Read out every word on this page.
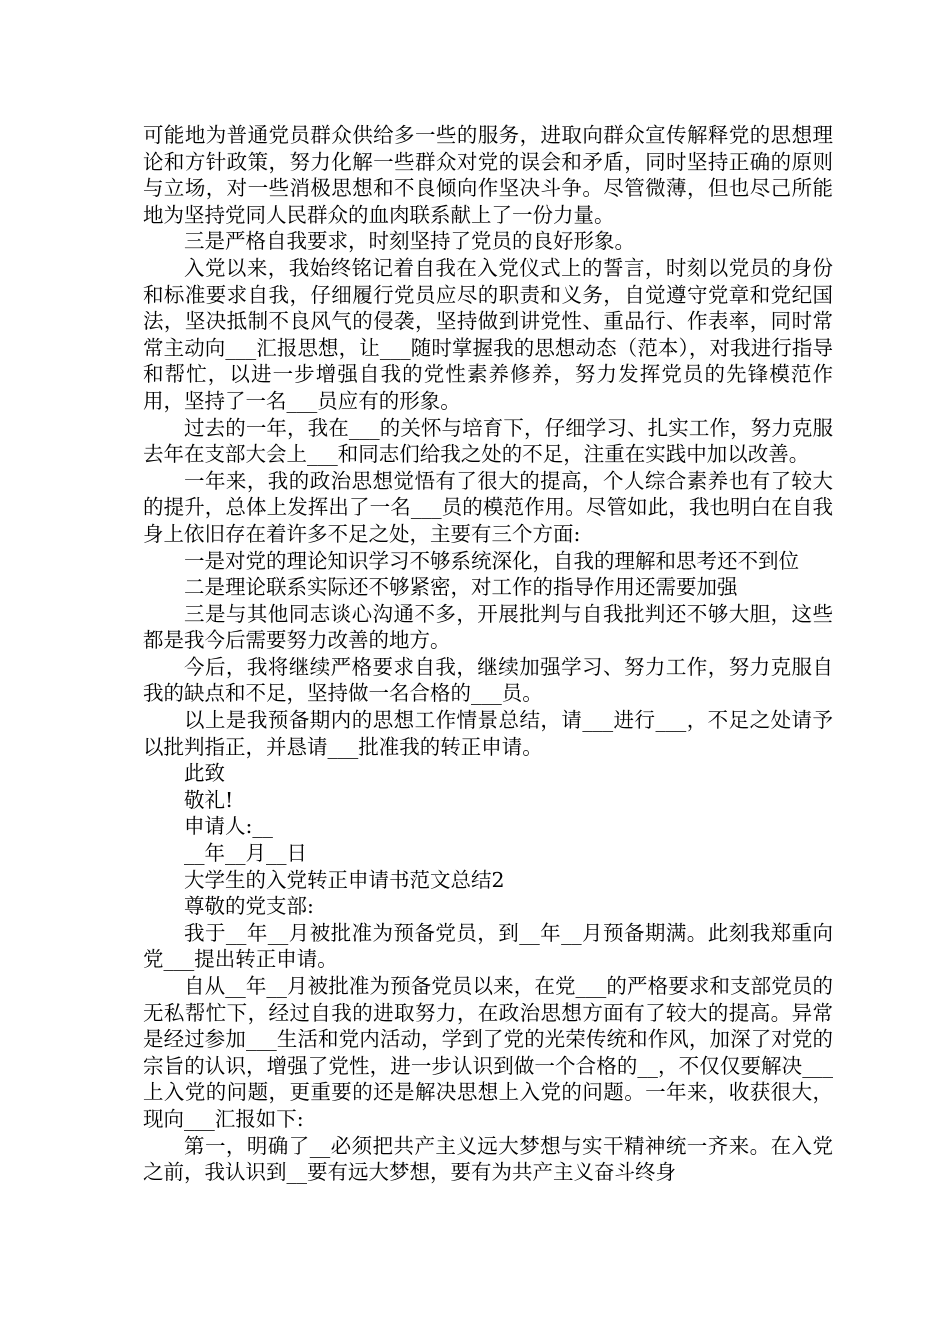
可能地为普通党员群众供给多一些的服务，进取向群众宣传解释党的思想理论和方针政策，努力化解一些群众对党的误会和矛盾，同时坚持正确的原则与立场，对一些消极思想和不良倾向作坚决斗争。尽管微薄，但也尽己所能地为坚持党同人民群众的血肉联系献上了一份力量。

三是严格自我要求，时刻坚持了党员的良好形象。

入党以来，我始终铭记着自我在入党仪式上的誓言，时刻以党员的身份和标准要求自我，仔细履行党员应尽的职责和义务，自觉遵守党章和党纪国法，坚决抵制不良风气的侵袭，坚持做到讲党性、重品行、作表率，同时常常主动向___汇报思想，让___随时掌握我的思想动态（范本），对我进行指导和帮忙，以进一步增强自我的党性素养修养，努力发挥党员的先锋模范作用，坚持了一名___员应有的形象。

过去的一年，我在___的关怀与培育下，仔细学习、扎实工作，努力克服去年在支部大会上___和同志们给我之处的不足，注重在实践中加以改善。

一年来，我的政治思想觉悟有了很大的提高，个人综合素养也有了较大的提升，总体上发挥出了一名___员的模范作用。尽管如此，我也明白在自我身上依旧存在着许多不足之处，主要有三个方面:

一是对党的理论知识学习不够系统深化，自我的理解和思考还不到位

二是理论联系实际还不够紧密，对工作的指导作用还需要加强

三是与其他同志谈心沟通不多，开展批判与自我批判还不够大胆，这些都是我今后需要努力改善的地方。

今后，我将继续严格要求自我，继续加强学习、努力工作，努力克服自我的缺点和不足，坚持做一名合格的___员。

以上是我预备期内的思想工作情景总结，请___进行___，不足之处请予以批判指正，并恳请___批准我的转正申请。

此致

敬礼!

申请人:__

__年__月__日

大学生的入党转正申请书范文总结2

尊敬的党支部:

我于__年__月被批准为预备党员，到__年__月预备期满。此刻我郑重向党___提出转正申请。

自从__年__月被批准为预备党员以来，在党___的严格要求和支部党员的无私帮忙下，经过自我的进取努力，在政治思想方面有了较大的提高。异常是经过参加___生活和党内活动，学到了党的光荣传统和作风，加深了对党的宗旨的认识，增强了党性，进一步认识到做一个合格的__，不仅仅要解决___上入党的问题，更重要的还是解决思想上入党的问题。一年来，收获很大，现向___汇报如下:

第一，明确了__必须把共产主义远大梦想与实干精神统一齐来。在入党之前，我认识到__要有远大梦想，要有为共产主义奋斗终身
